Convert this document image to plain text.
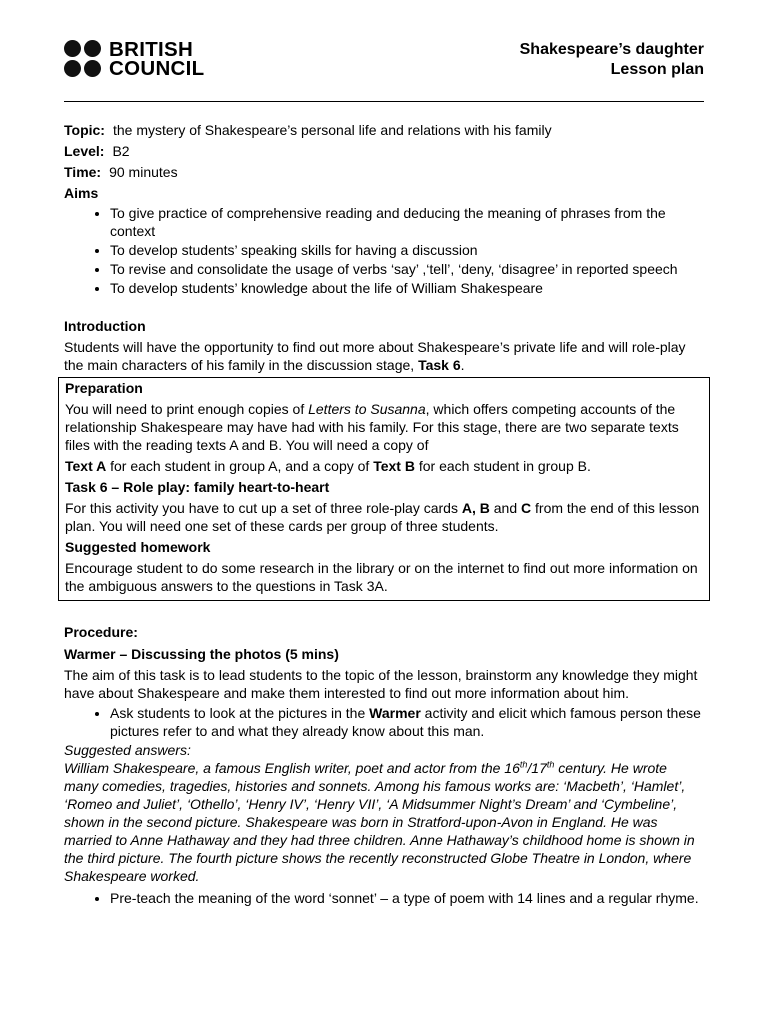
BRITISH
COUNCIL
Shakespeare’s daughter
Lesson plan
Topic: the mystery of Shakespeare’s personal life and relations with his family
Level: B2
Time: 90 minutes

Aims

• To give practice of comprehensive reading and deducing the meaning of phrases from the context
• To develop students’ speaking skills for having a discussion
• To revise and consolidate the usage of verbs ‘say’ ,‘tell’, ‘deny, ‘disagree’ in reported speech
• To develop students’ knowledge about the life of William Shakespeare

Introduction

Students will have the opportunity to find out more about Shakespeare’s private life and will role-play the main characters of his family in the discussion stage, Task 6.

Preparation

You will need to print enough copies of Letters to Susanna, which offers competing accounts of the relationship Shakespeare may have had with his family. For this stage, there are two separate texts files with the reading texts A and B. You will need a copy of

Text A for each student in group A, and a copy of Text B for each student in group B.

Task 6 – Role play: family heart-to-heart

For this activity you have to cut up a set of three role-play cards A, B and C from the end of this lesson plan. You will need one set of these cards per group of three students.

Suggested homework

Encourage student to do some research in the library or on the internet to find out more information on the ambiguous answers to the questions in Task 3A.

Procedure:

Warmer – Discussing the photos (5 mins)

The aim of this task is to lead students to the topic of the lesson, brainstorm any knowledge they might have about Shakespeare and make them interested to find out more information about him.

• Ask students to look at the pictures in the Warmer activity and elicit which famous person these pictures refer to and what they already know about this man.

Suggested answers:

William Shakespeare, a famous English writer, poet and actor from the 16th/17th century. He wrote many comedies, tragedies, histories and sonnets. Among his famous works are: ‘Macbeth’, ‘Hamlet’, ‘Romeo and Juliet’, ‘Othello’, ‘Henry IV’, ‘Henry VII’, ‘A Midsummer Night’s Dream’ and ‘Cymbeline’, shown in the second picture. Shakespeare was born in Stratford-upon-Avon in England. He was married to Anne Hathaway and they had three children. Anne Hathaway’s childhood home is shown in the third picture. The fourth picture shows the recently reconstructed Globe Theatre in London, where Shakespeare worked.

• Pre-teach the meaning of the word ‘sonnet’ – a type of poem with 14 lines and a regular rhyme.
